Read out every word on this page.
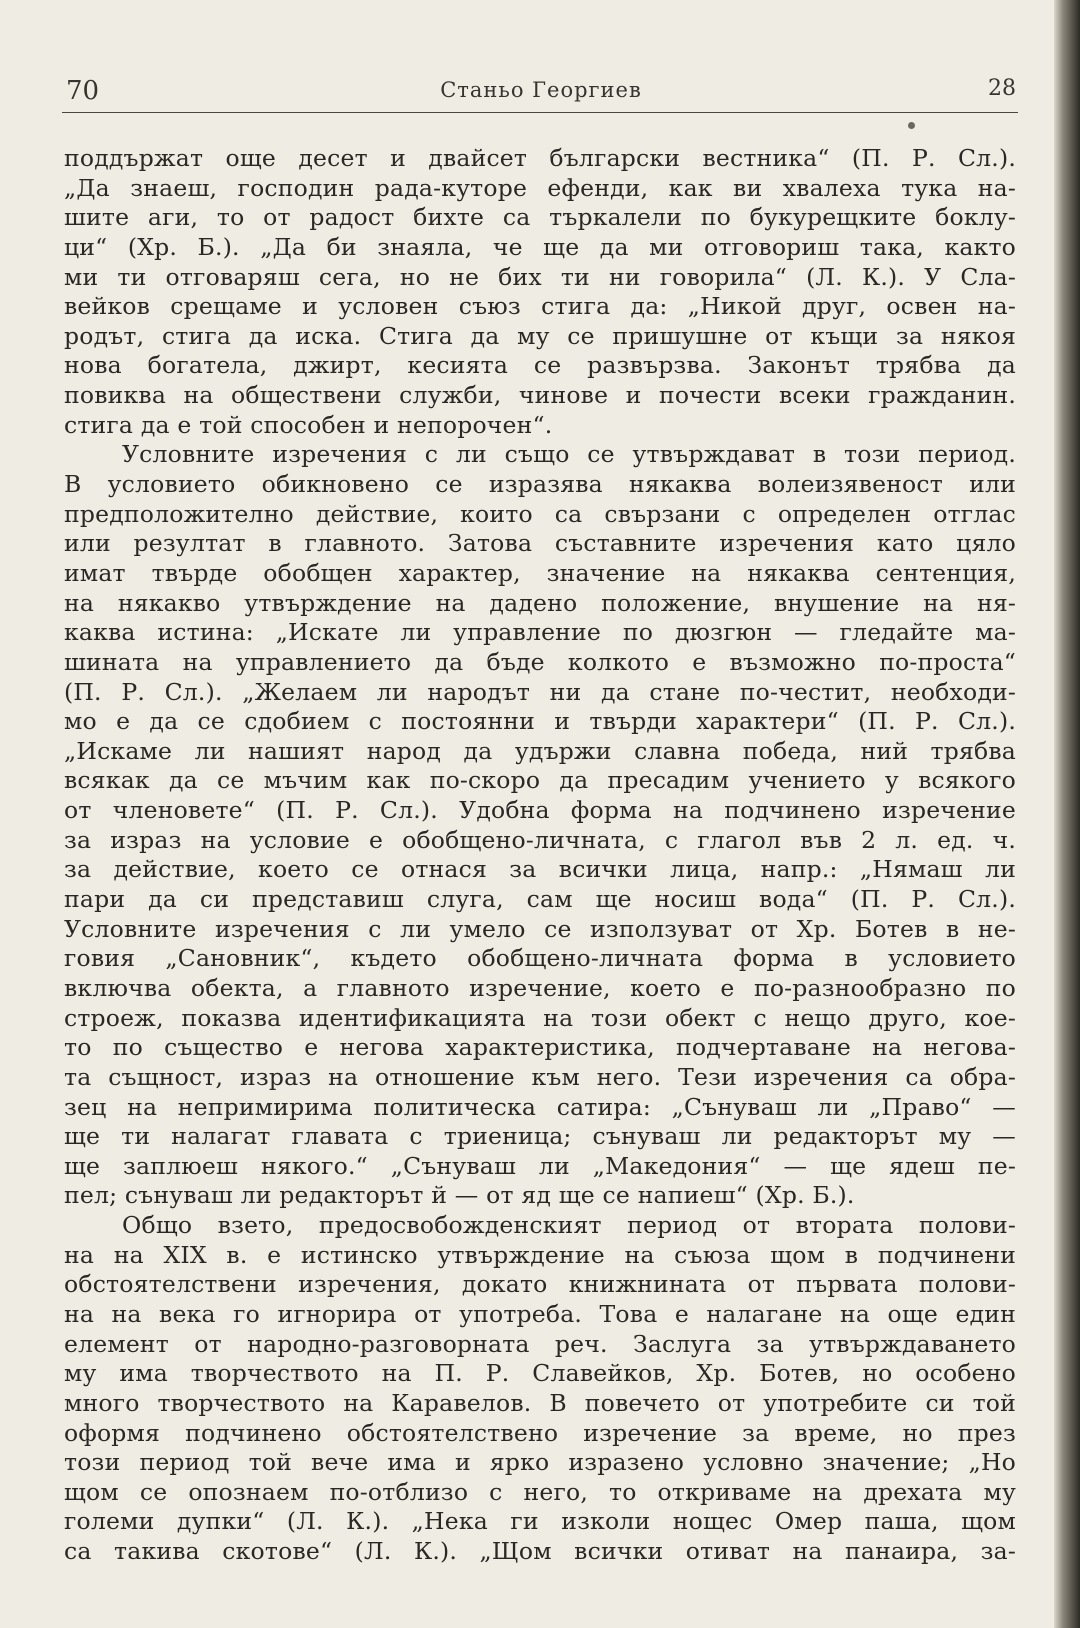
70	Станьо Георгиев	28
поддържат още десет и двайсет български вестника“ (П. Р. Сл.).
„Да знаеш, господин рада-куторе ефенди, как ви хвалеха тука на-
шите аги, то от радост бихте са търкалели по букурещките боклу-
ци“ (Хр. Б.). „Да би знаяла, че ще да ми отговориш така, както
ми ти отговаряш сега, но не бих ти ни говорила“ (Л. К.). У Сла-
вейков срещаме и условен съюз стига да: „Никой друг, освен на-
родът, стига да иска. Стига да му се пришушне от къщи за някоя
нова богатела, джирт, кесията се развързва. Законът трябва да
повиква на обществени служби, чинове и почести всеки гражданин.
стига да е той способен и непорочен“.
Условните изречения с ли също се утвърждават в този период.
В условието обикновено се изразява някаква волеизявеност или
предположително действие, които са свързани с определен отглас
или резултат в главното. Затова съставните изречения като цяло
имат твърде обобщен характер, значение на някаква сентенция,
на някакво утвърждение на дадено положение, внушение на ня-
каква истина: „Искате ли управление по дюзгюн — гледайте ма-
шината на управлението да бъде колкото е възможно по-проста“
(П. Р. Сл.). „Желаем ли народът ни да стане по-честит, необходи-
мо е да се сдобием с постоянни и твърди характери“ (П. Р. Сл.).
„Искаме ли нашият народ да удържи славна победа, ний трябва
всякак да се мъчим как по-скоро да пресадим учението у всякого
от членовете“ (П. Р. Сл.). Удобна форма на подчинено изречение
за израз на условие е обобщено-личната, с глагол във 2 л. ед. ч.
за действие, което се отнася за всички лица, напр.: „Нямаш ли
пари да си представиш слуга, сам ще носиш вода“ (П. Р. Сл.).
Условните изречения с ли умело се използуват от Хр. Ботев в не-
говия „Сановник“, където обобщено-личната форма в условието
включва обекта, а главното изречение, което е по-разнообразно по
строеж, показва идентификацията на този обект с нещо друго, кое-
то по същество е негова характеристика, подчертаване на негова-
та същност, израз на отношение към него. Тези изречения са обра-
зец на непримирима политическа сатира: „Сънуваш ли „Право“ —
ще ти налагат главата с триеница; сънуваш ли редакторът му —
ще заплюеш някого.“ „Сънуваш ли „Македония“ — ще ядеш пе-
пел; сънуваш ли редакторът й — от яд ще се напиеш“ (Хр. Б.).
Общо взето, предосвобожденският период от втората полови-
на на XIX в. е истинско утвърждение на съюза щом в подчинени
обстоятелствени изречения, докато книжнината от първата полови-
на на века го игнорира от употреба. Това е налагане на още един
елемент от народно-разговорната реч. Заслуга за утвърждаването
му има творчеството на П. Р. Славейков, Хр. Ботев, но особено
много творчеството на Каравелов. В повечето от употребите си той
оформя подчинено обстоятелствено изречение за време, но през
този период той вече има и ярко изразено условно значение; „Но
щом се опознаем по-отблизо с него, то откриваме на дрехата му
големи дупки“ (Л. К.). „Нека ги изколи нощес Омер паша, щом
са такива скотове“ (Л. К.). „Щом всички отиват на панаира, за-
